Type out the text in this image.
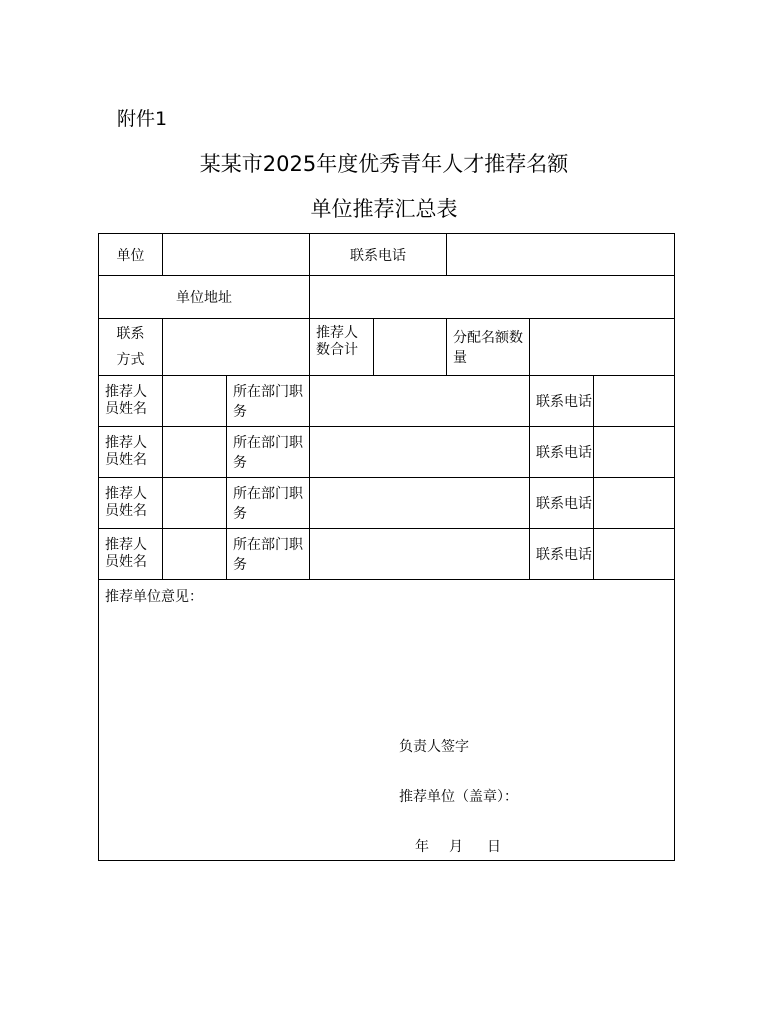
附件1
某某市2025年度优秀青年人才推荐名额
单位推荐汇总表
单位			联系电话				
单位地址							

联系
方式			推荐人数合计		分配名额数量		
推荐人员姓名		所在部门职务				联系电话	
推荐人员姓名		所在部门职务				联系电话	
推荐人员姓名		所在部门职务				联系电话	
推荐人员姓名		所在部门职务				联系电话	

推荐单位意见：
负责人签字
推荐单位（盖章）：
年 月 日							
